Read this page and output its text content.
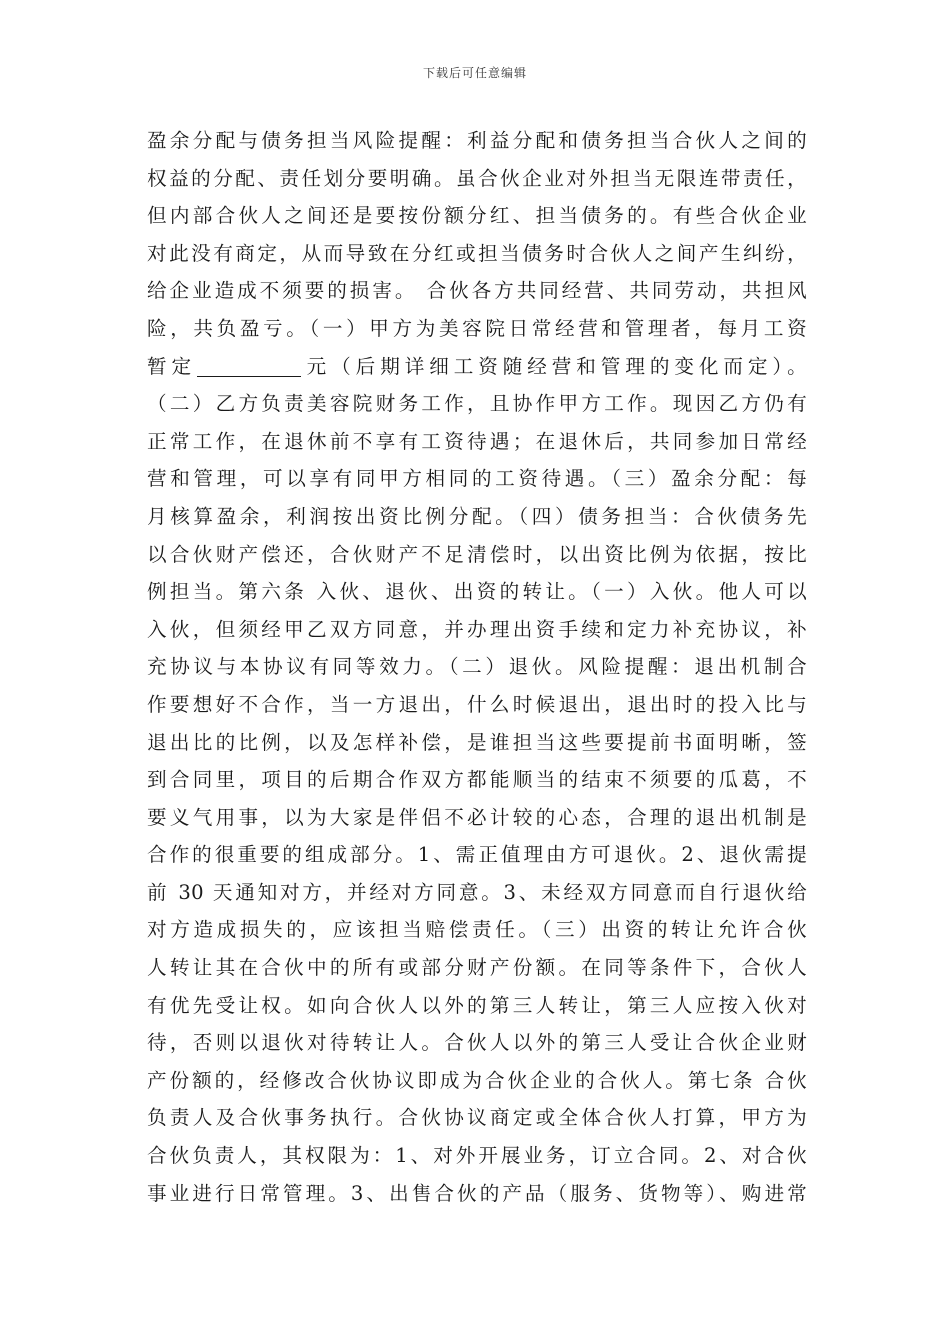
下载后可任意编辑
盈余分配与债务担当风险提醒：利益分配和债务担当合伙人之间的
权益的分配、责任划分要明确。虽合伙企业对外担当无限连带责任，
但内部合伙人之间还是要按份额分红、担当债务的。有些合伙企业
对此没有商定，从而导致在分红或担当债务时合伙人之间产生纠纷，
给企业造成不须要的损害。 合伙各方共同经营、共同劳动，共担风
险，共负盈亏。（一）甲方为美容院日常经营和管理者，每月工资
暂定	元（后期详细工资随经营和管理的变化而定）。
（二）乙方负责美容院财务工作，且协作甲方工作。现因乙方仍有
正常工作，在退休前不享有工资待遇；在退休后，共同参加日常经
营和管理，可以享有同甲方相同的工资待遇。（三）盈余分配：每
月核算盈余，利润按出资比例分配。（四）债务担当：合伙债务先
以合伙财产偿还，合伙财产不足清偿时，以出资比例为依据，按比
例担当。第六条 入伙、退伙、出资的转让。（一）入伙。他人可以
入伙，但须经甲乙双方同意，并办理出资手续和定力补充协议，补
充协议与本协议有同等效力。（二）退伙。风险提醒：退出机制合
作要想好不合作，当一方退出，什么时候退出，退出时的投入比与
退出比的比例，以及怎样补偿，是谁担当这些要提前书面明晰，签
到合同里，项目的后期合作双方都能顺当的结束不须要的瓜葛，不
要义气用事，以为大家是伴侣不必计较的心态，合理的退出机制是
合作的很重要的组成部分。1、需正值理由方可退伙。2、退伙需提
前 30 天通知对方，并经对方同意。3、未经双方同意而自行退伙给
对方造成损失的，应该担当赔偿责任。（三）出资的转让允许合伙
人转让其在合伙中的所有或部分财产份额。在同等条件下，合伙人
有优先受让权。如向合伙人以外的第三人转让，第三人应按入伙对
待，否则以退伙对待转让人。合伙人以外的第三人受让合伙企业财
产份额的，经修改合伙协议即成为合伙企业的合伙人。第七条 合伙
负责人及合伙事务执行。合伙协议商定或全体合伙人打算，甲方为
合伙负责人，其权限为：1、对外开展业务，订立合同。2、对合伙
事业进行日常管理。3、出售合伙的产品（服务、货物等）、购进常
